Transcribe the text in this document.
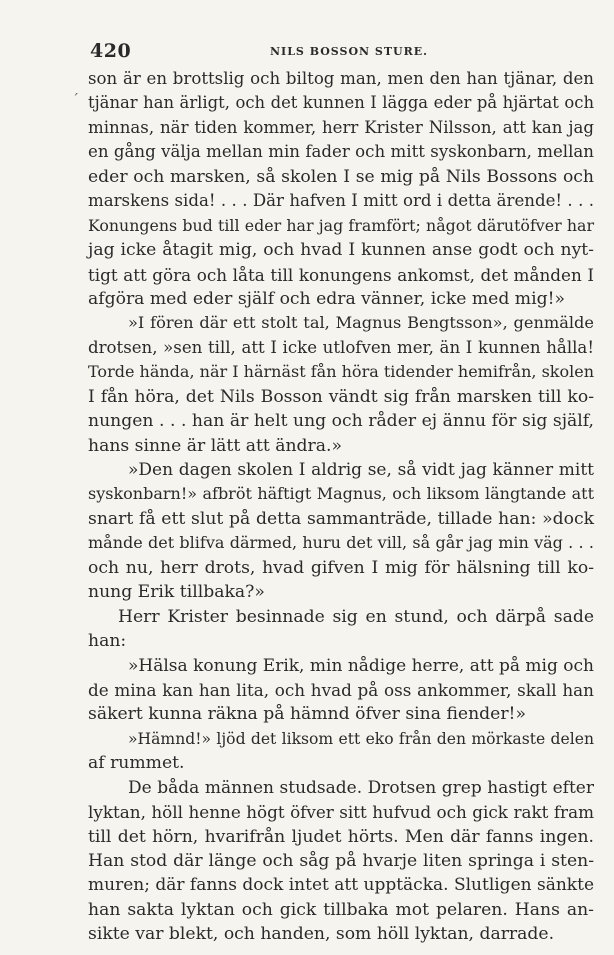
420	NILS BOSSON STURE.
ˊ
son är en brottslig och biltog man, men den han tjänar, den
tjänar han ärligt, och det kunnen I lägga eder på hjärtat och
minnas, när tiden kommer, herr Krister Nilsson, att kan jag
en gång välja mellan min fader och mitt syskonbarn, mellan
eder och marsken, så skolen I se mig på Nils Bossons och
marskens sida! . . . Där hafven I mitt ord i detta ärende! . . .
Konungens bud till eder har jag framfört; något därutöfver har
jag icke åtagit mig, och hvad I kunnen anse godt och nyt-
tigt att göra och låta till konungens ankomst, det månden I
afgöra med eder själf och edra vänner, icke med mig!»
»I fören där ett stolt tal, Magnus Bengtsson», genmälde
drotsen, »sen till, att I icke utlofven mer, än I kunnen hålla!
Torde hända, när I härnäst fån höra tidender hemifrån, skolen
I fån höra, det Nils Bosson vändt sig från marsken till ko-
nungen . . . han är helt ung och råder ej ännu för sig själf,
hans sinne är lätt att ändra.»
»Den dagen skolen I aldrig se, så vidt jag känner mitt
syskonbarn!» afbröt häftigt Magnus, och liksom längtande att
snart få ett slut på detta sammanträde, tillade han: »dock
månde det blifva därmed, huru det vill, så går jag min väg . . .
och nu, herr drots, hvad gifven I mig för hälsning till ko-
nung Erik tillbaka?»
Herr Krister besinnade sig en stund, och därpå sade
han:
»Hälsa konung Erik, min nådige herre, att på mig och
de mina kan han lita, och hvad på oss ankommer, skall han
säkert kunna räkna på hämnd öfver sina fiender!»
»Hämnd!» ljöd det liksom ett eko från den mörkaste delen
af rummet.
De båda männen studsade. Drotsen grep hastigt efter
lyktan, höll henne högt öfver sitt hufvud och gick rakt fram
till det hörn, hvarifrån ljudet hörts. Men där fanns ingen.
Han stod där länge och såg på hvarje liten springa i sten-
muren; där fanns dock intet att upptäcka. Slutligen sänkte
han sakta lyktan och gick tillbaka mot pelaren. Hans an-
sikte var blekt, och handen, som höll lyktan, darrade.
